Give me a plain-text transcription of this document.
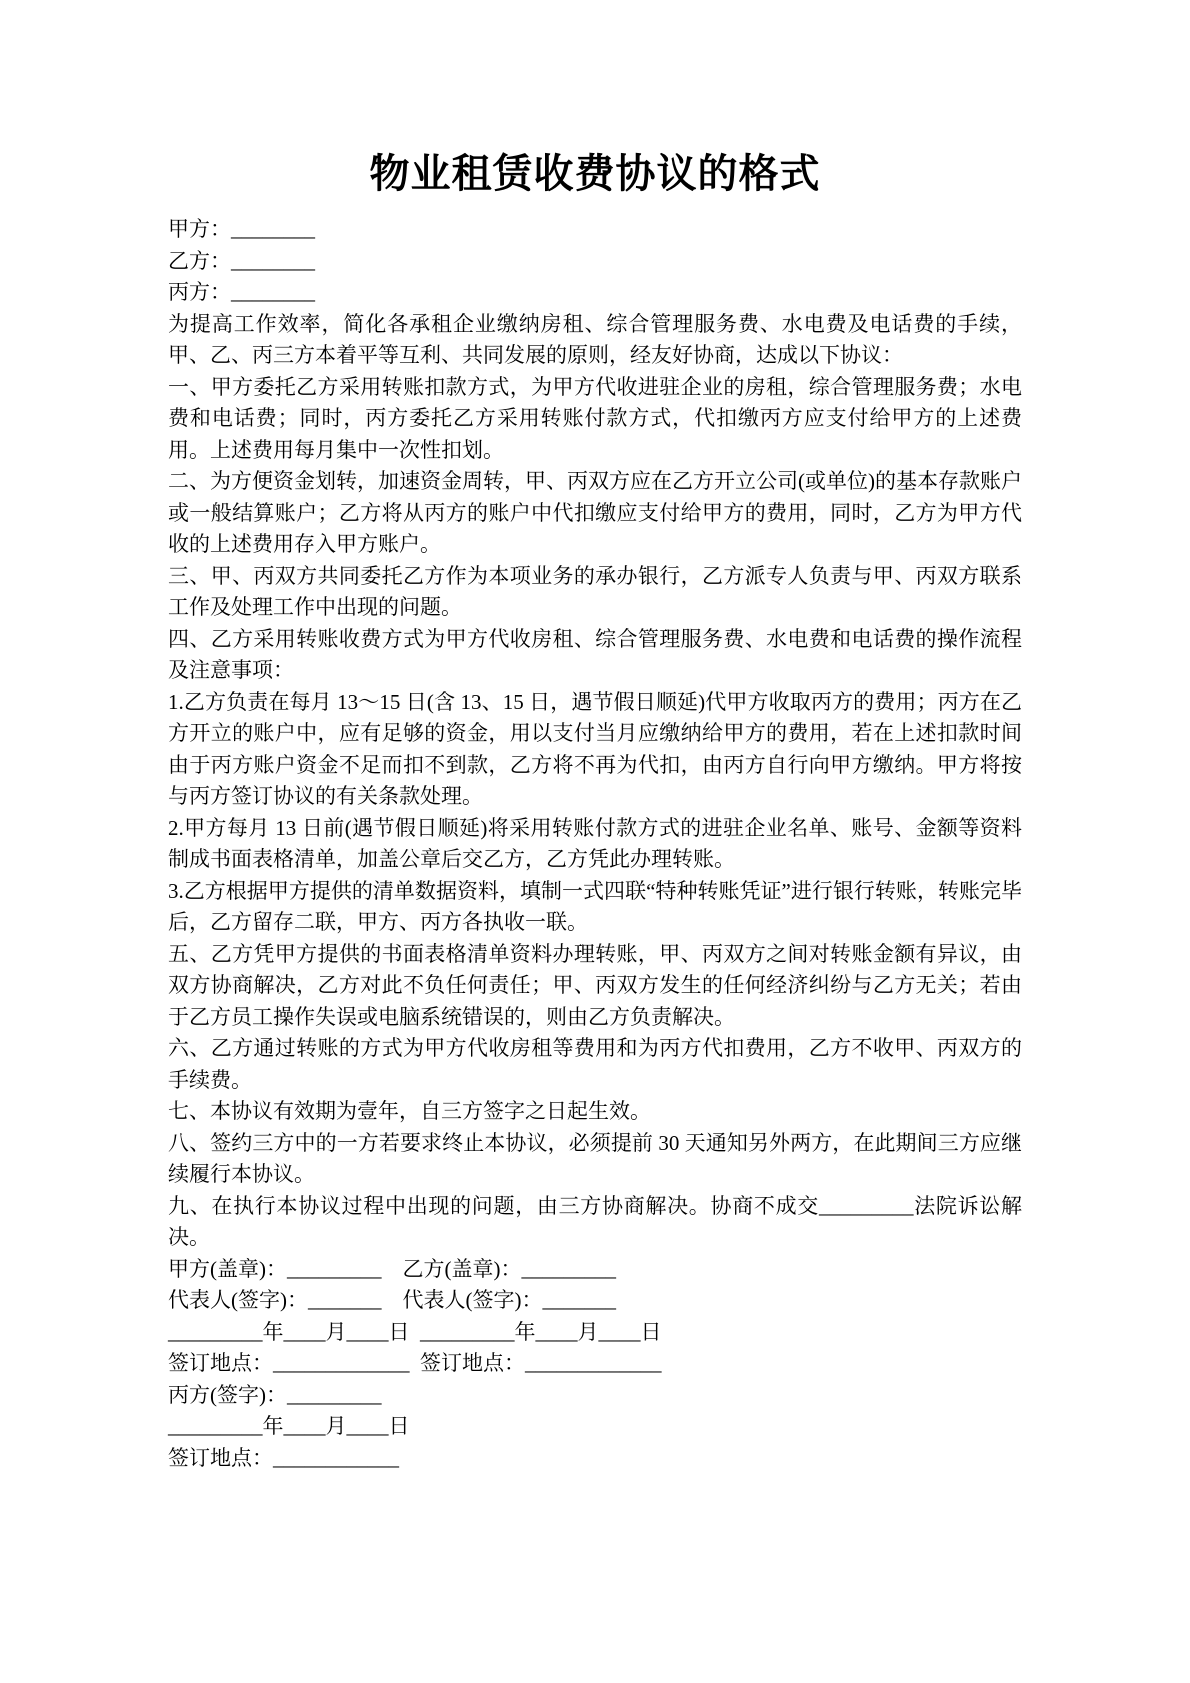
物业租赁收费协议的格式

甲方：________

乙方：________

丙方：________

为提高工作效率，简化各承租企业缴纳房租、综合管理服务费、水电费及电话费的手续，甲、乙、丙三方本着平等互利、共同发展的原则，经友好协商，达成以下协议：

一、甲方委托乙方采用转账扣款方式，为甲方代收进驻企业的房租，综合管理服务费；水电费和电话费；同时，丙方委托乙方采用转账付款方式，代扣缴丙方应支付给甲方的上述费用。上述费用每月集中一次性扣划。

二、为方便资金划转，加速资金周转，甲、丙双方应在乙方开立公司(或单位)的基本存款账户或一般结算账户；乙方将从丙方的账户中代扣缴应支付给甲方的费用，同时，乙方为甲方代收的上述费用存入甲方账户。

三、甲、丙双方共同委托乙方作为本项业务的承办银行，乙方派专人负责与甲、丙双方联系工作及处理工作中出现的问题。

四、乙方采用转账收费方式为甲方代收房租、综合管理服务费、水电费和电话费的操作流程及注意事项：

1.乙方负责在每月 13～15 日(含 13、15 日，遇节假日顺延)代甲方收取丙方的费用；丙方在乙方开立的账户中，应有足够的资金，用以支付当月应缴纳给甲方的费用，若在上述扣款时间由于丙方账户资金不足而扣不到款，乙方将不再为代扣，由丙方自行向甲方缴纳。甲方将按与丙方签订协议的有关条款处理。

2.甲方每月 13 日前(遇节假日顺延)将采用转账付款方式的进驻企业名单、账号、金额等资料制成书面表格清单，加盖公章后交乙方，乙方凭此办理转账。

3.乙方根据甲方提供的清单数据资料，填制一式四联“特种转账凭证”进行银行转账，转账完毕后，乙方留存二联，甲方、丙方各执收一联。

五、乙方凭甲方提供的书面表格清单资料办理转账，甲、丙双方之间对转账金额有异议，由双方协商解决，乙方对此不负任何责任；甲、丙双方发生的任何经济纠纷与乙方无关；若由于乙方员工操作失误或电脑系统错误的，则由乙方负责解决。

六、乙方通过转账的方式为甲方代收房租等费用和为丙方代扣费用，乙方不收甲、丙双方的手续费。

七、本协议有效期为壹年，自三方签字之日起生效。

八、签约三方中的一方若要求终止本协议，必须提前 30 天通知另外两方，在此期间三方应继续履行本协议。

九、在执行本协议过程中出现的问题，由三方协商解决。协商不成交_________法院诉讼解决。

甲方(盖章)：_________    乙方(盖章)：_________

代表人(签字)：_______    代表人(签字)：_______

_________年____月____日  _________年____月____日

签订地点：_____________  签订地点：_____________

丙方(签字)：_________

_________年____月____日

签订地点：____________
